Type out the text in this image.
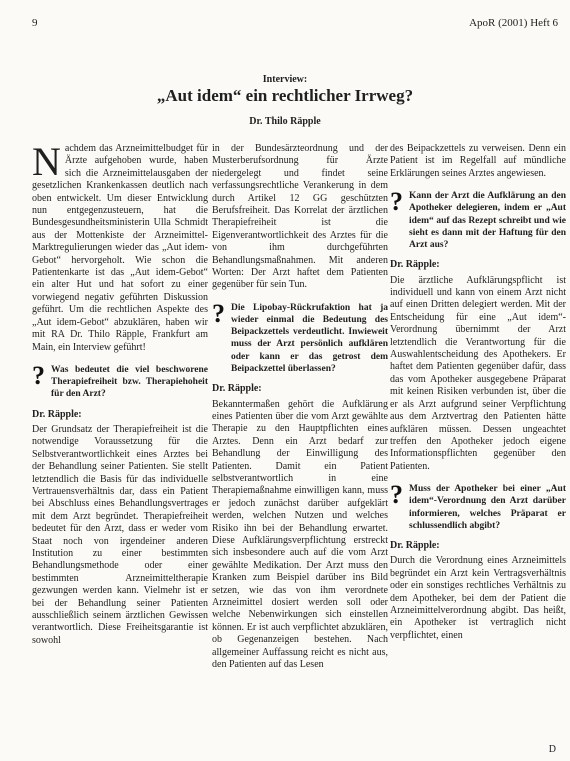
9	ApoR (2001) Heft 6
Interview:
„Aut idem“ ein rechtlicher Irrweg?
Dr. Thilo Räpple

Nachdem das Arzneimittelbudget für Ärzte aufgehoben wurde, haben sich die Arzneimittelausgaben der gesetzlichen Krankenkassen deutlich nach oben entwickelt. Um dieser Entwicklung nun entgegenzusteuern, hat die Bundesgesundheitsministerin Ulla Schmidt aus der Mottenkiste der Arzneimittel-Marktregulierungen wieder das „Aut idem-Gebot“ hervorgeholt. Wie schon die Patientenkarte ist das „Aut idem-Gebot“ ein alter Hut und hat sofort zu einer vorwiegend negativ geführten Diskussion geführt. Um die rechtlichen Aspekte des „Aut idem-Gebot“ abzuklären, haben wir mit RA Dr. Thilo Räpple, Frankfurt am Main, ein Interview geführt!

? Was bedeutet die viel beschworene Therapiefreiheit bzw. Therapiehoheit für den Arzt?
Dr. Räpple:

Der Grundsatz der Therapiefreiheit ist die notwendige Voraussetzung für die Selbstverantwortlichkeit eines Arztes bei der Behandlung seiner Patienten. Sie stellt letztendlich die Basis für das individuelle Vertrauensverhältnis dar, dass ein Patient bei Abschluss eines Behandlungsvertrages mit dem Arzt begründet. Therapiefreiheit bedeutet für den Arzt, dass er weder vom Staat noch von irgendeiner anderen Institution zu einer bestimmten Behandlungsmethode oder einer bestimmten Arzneimitteltherapie gezwungen werden kann. Vielmehr ist er bei der Behandlung seiner Patienten ausschließlich seinem ärztlichen Gewissen verantwortlich. Diese Freiheitsgarantie ist sowohl

in der Bundesärzteordnung und der Musterberufsordnung für Ärzte niedergelegt und findet seine verfassungsrechtliche Verankerung in dem durch Artikel 12 GG geschützten Berufsfreiheit. Das Korrelat der ärztlichen Therapiefreiheit ist die Eigenverantwortlichkeit des Arztes für die von ihm durchgeführten Behandlungsmaßnahmen. Mit anderen Worten: Der Arzt haftet dem Patienten gegenüber für sein Tun.

? Die Lipobay-Rückrufaktion hat ja wieder einmal die Bedeutung des Beipackzettels verdeutlicht. Inwieweit muss der Arzt persönlich aufklären oder kann er das getrost dem Beipackzettel überlassen?
Dr. Räpple:

Bekanntermaßen gehört die Aufklärung eines Patienten über die vom Arzt gewählte Therapie zu den Hauptpflichten eines Arztes. Denn ein Arzt bedarf zur Behandlung der Einwilligung des Patienten. Damit ein Patient selbstverantwortlich in eine Therapiemaßnahme einwilligen kann, muss er jedoch zunächst darüber aufgeklärt werden, welchen Nutzen und welches Risiko ihn bei der Behandlung erwartet. Diese Aufklärungsverpflichtung erstreckt sich insbesondere auch auf die vom Arzt gewählte Medikation. Der Arzt muss den Kranken zum Beispiel darüber ins Bild setzen, wie das von ihm verordnete Arzneimittel dosiert werden soll oder welche Nebenwirkungen sich einstellen können. Er ist auch verpflichtet abzuklären, ob Gegenanzeigen bestehen. Nach allgemeiner Auffassung reicht es nicht aus, den Patienten auf das Lesen

des Beipackzettels zu verweisen. Denn ein Patient ist im Regelfall auf mündliche Erklärungen seines Arztes angewiesen.

? Kann der Arzt die Aufklärung an den Apotheker delegieren, indem er „Aut idem“ auf das Rezept schreibt und wie sieht es dann mit der Haftung für den Arzt aus?
Dr. Räpple:

Die ärztliche Aufklärungspflicht ist individuell und kann von einem Arzt nicht auf einen Dritten delegiert werden. Mit der Entscheidung für eine „Aut idem“-Verordnung übernimmt der Arzt letztendlich die Verantwortung für die Auswahlentscheidung des Apothekers. Er haftet dem Patienten gegenüber dafür, dass das vom Apotheker ausgegebene Präparat mit keinen Risiken verbunden ist, über die er als Arzt aufgrund seiner Verpflichtung aus dem Arztvertrag den Patienten hätte aufklären müssen. Dessen ungeachtet treffen den Apotheker jedoch eigene Informationspflichten gegenüber den Patienten.

? Muss der Apotheker bei einer „Aut idem“-Verordnung den Arzt darüber informieren, welches Präparat er schlussendlich abgibt?
Dr. Räpple:

Durch die Verordnung eines Arzneimittels begründet ein Arzt kein Vertragsverhältnis oder ein sonstiges rechtliches Verhältnis zu dem Apotheker, bei dem der Patient die Arzneimittelverordnung abgibt. Das heißt, ein Apotheker ist vertraglich nicht verpflichtet, einen

D
